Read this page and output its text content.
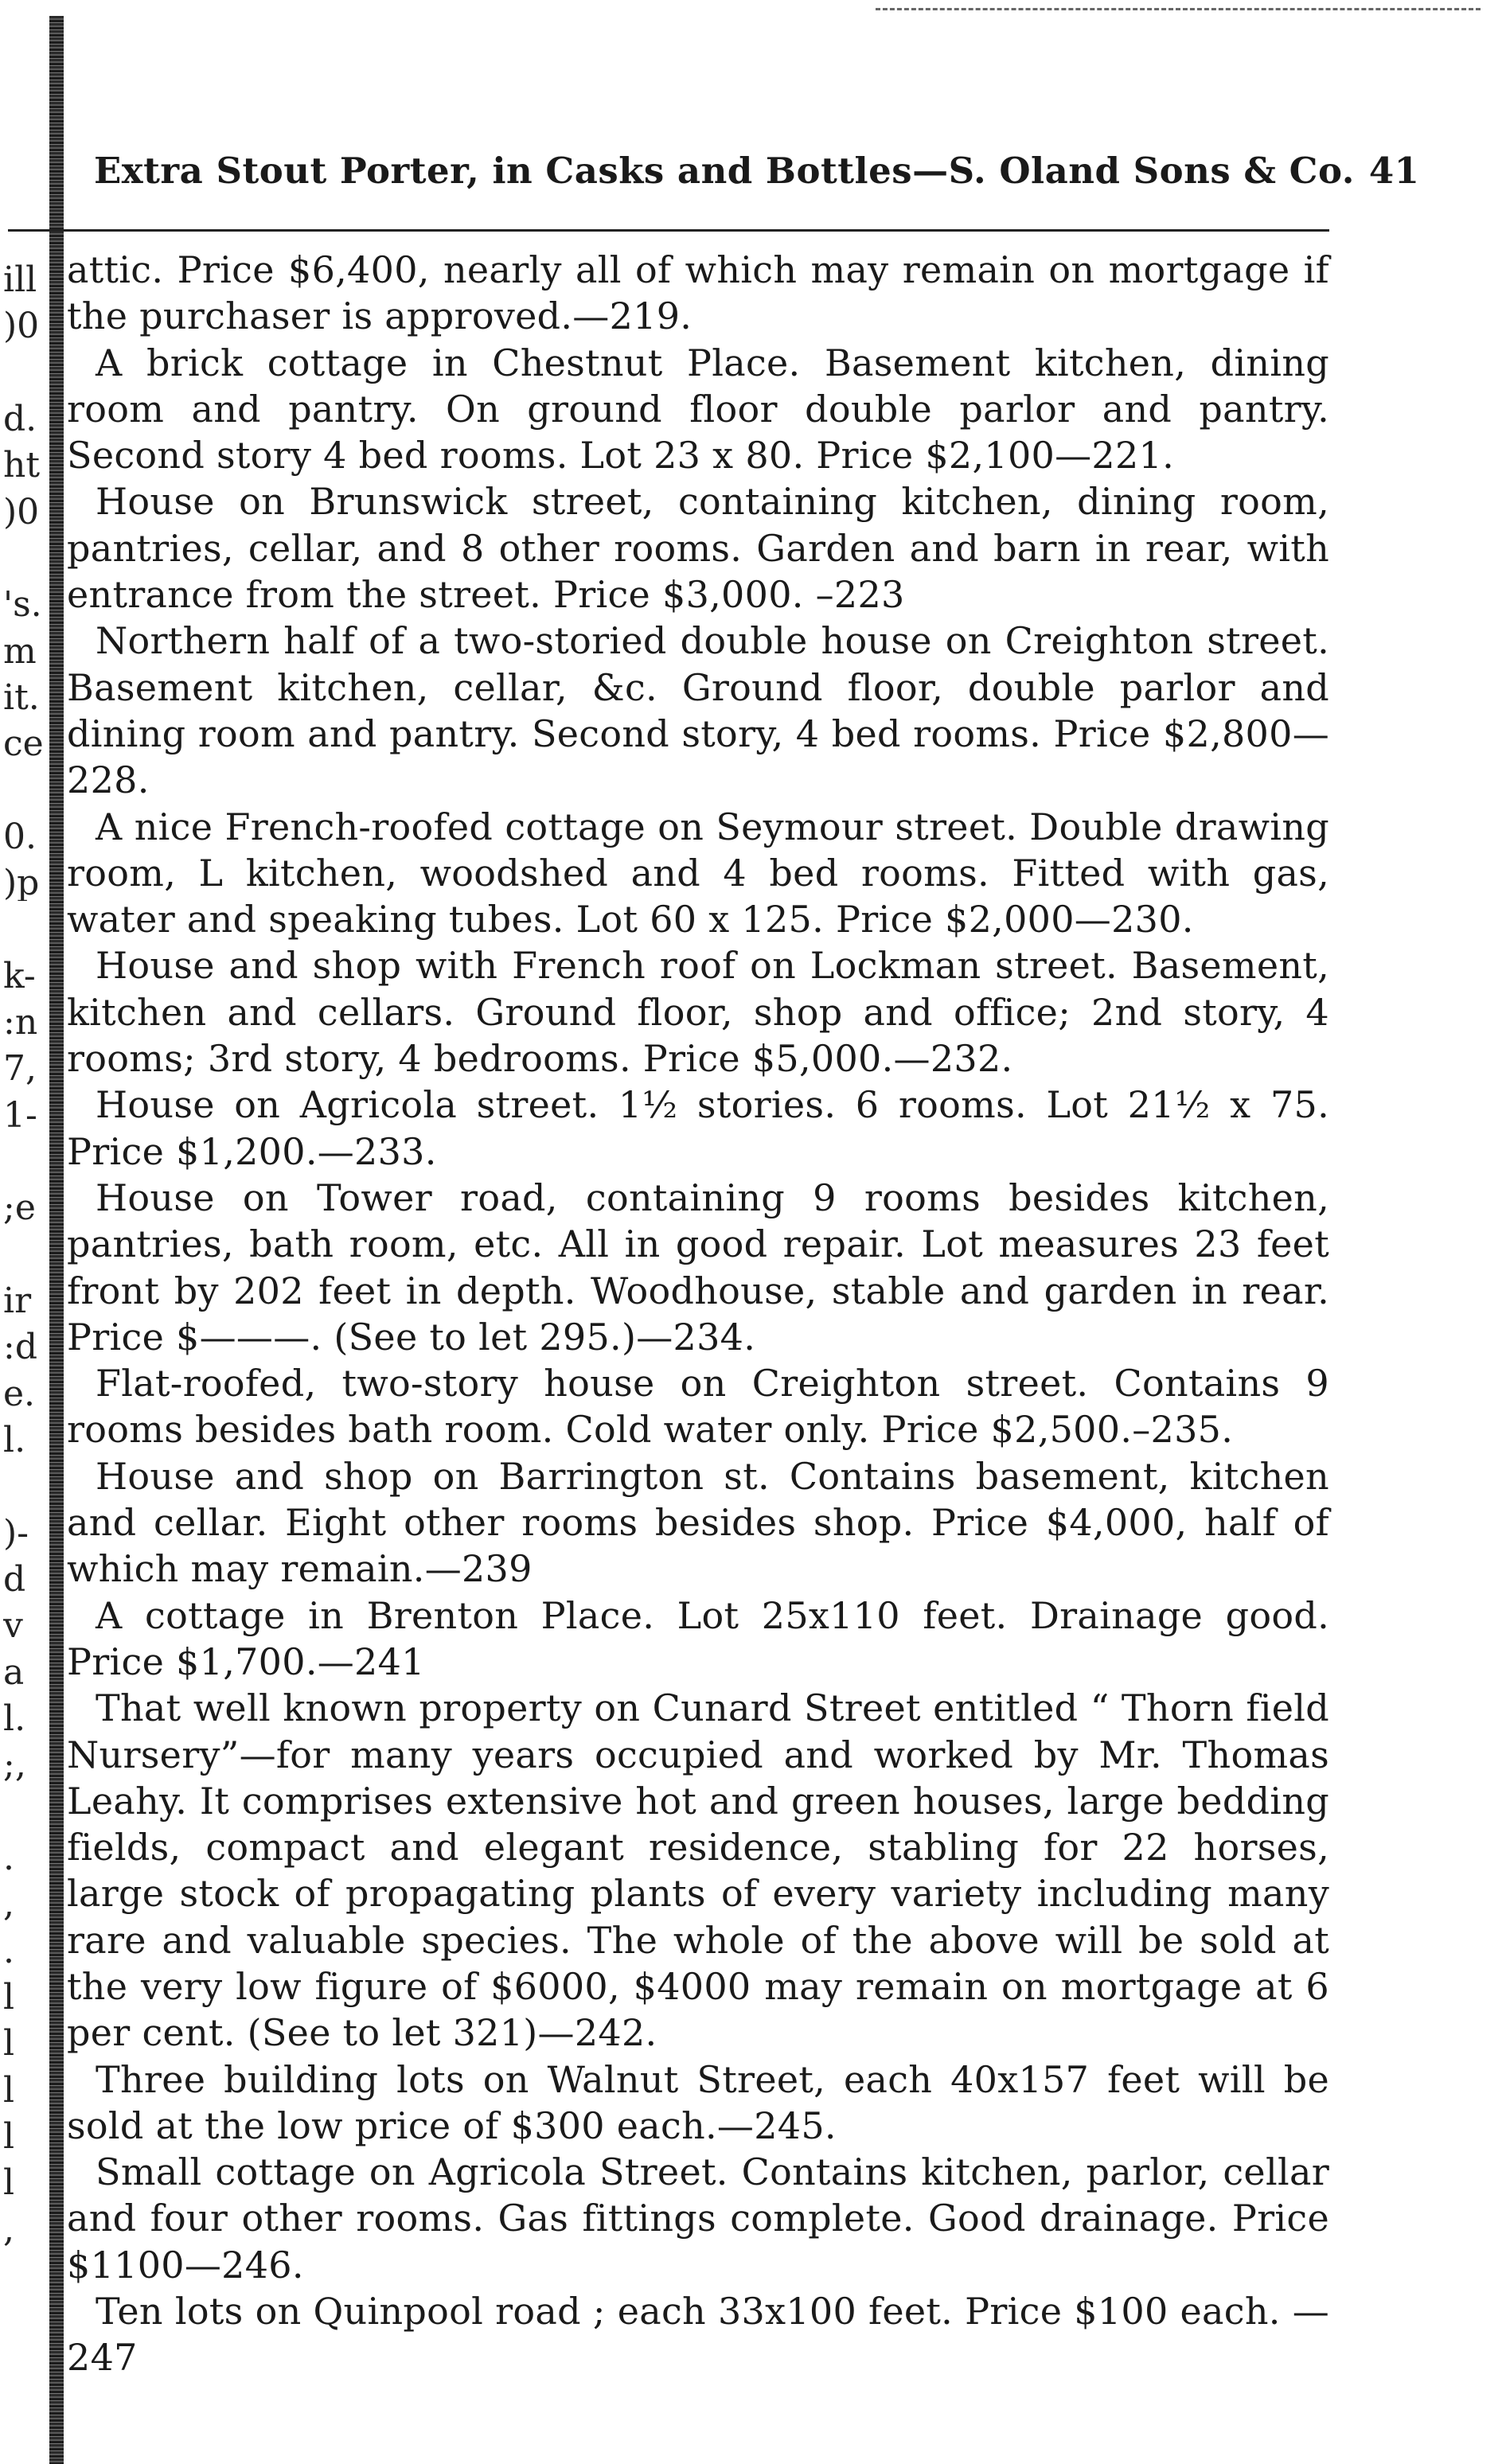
ill
)0
d.
ht
)0
's.
m
it.
ce
0.
)p
k-
:n
7,
1-
;e
ir
:d
e.
l.
)-
d
v
a
l.
;,
.
,
.
l
l
l
l
l
,
Extra Stout Porter, in Casks and Bottles—S. Oland Sons & Co. 41

attic. Price $6,400, nearly all of which may remain on mortgage if the purchaser is approved.—219.

A brick cottage in Chestnut Place. Basement kitchen, dining room and pantry. On ground floor double parlor and pantry. Second story 4 bed rooms. Lot 23 x 80. Price $2,100—221.

House on Brunswick street, containing kitchen, dining room, pantries, cellar, and 8 other rooms. Garden and barn in rear, with entrance from the street. Price $3,000. –223

Northern half of a two-storied double house on Creighton street. Basement kitchen, cellar, &c. Ground floor, double parlor and dining room and pantry. Second story, 4 bed rooms. Price $2,800—228.

A nice French-roofed cottage on Seymour street. Double drawing room, L kitchen, woodshed and 4 bed rooms. Fitted with gas, water and speaking tubes. Lot 60 x 125. Price $2,000—230.

House and shop with French roof on Lockman street. Basement, kitchen and cellars. Ground floor, shop and office; 2nd story, 4 rooms; 3rd story, 4 bedrooms. Price $5,000.—232.

House on Agricola street. 1½ stories. 6 rooms. Lot 21½ x 75. Price $1,200.—233.

House on Tower road, containing 9 rooms besides kitchen, pantries, bath room, etc. All in good repair. Lot measures 23 feet front by 202 feet in depth. Woodhouse, stable and garden in rear. Price $———. (See to let 295.)—234.

Flat-roofed, two-story house on Creighton street. Contains 9 rooms besides bath room. Cold water only. Price $2,500.–235.

House and shop on Barrington st. Contains basement, kitchen and cellar. Eight other rooms besides shop. Price $4,000, half of which may remain.—239

A cottage in Brenton Place. Lot 25x110 feet. Drainage good. Price $1,700.—241

That well known property on Cunard Street entitled “ Thorn field Nursery”—for many years occupied and worked by Mr. Thomas Leahy. It comprises extensive hot and green houses, large bedding fields, compact and elegant residence, stabling for 22 horses, large stock of propagating plants of every variety including many rare and valuable species. The whole of the above will be sold at the very low figure of $6000, $4000 may remain on mortgage at 6 per cent. (See to let 321)—242.

Three building lots on Walnut Street, each 40x157 feet will be sold at the low price of $300 each.—245.

Small cottage on Agricola Street. Contains kitchen, parlor, cellar and four other rooms. Gas fittings complete. Good drainage. Price $1100—246.

Ten lots on Quinpool road ; each 33x100 feet. Price $100 each. —247
